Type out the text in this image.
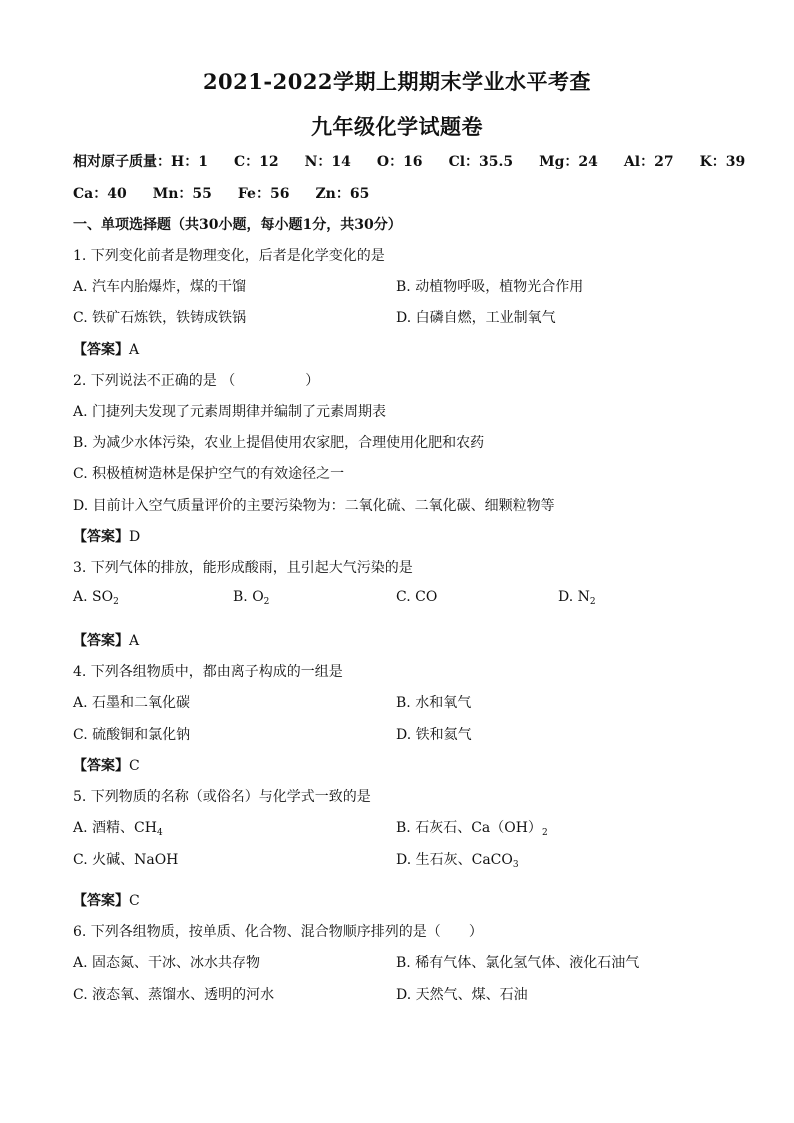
2021-2022学期上期期末学业水平考查
九年级化学试题卷
相对原子质量：H：1 C：12 N：14 O：16 Cl：35.5 Mg：24 Al：27 K：39
Ca：40 Mn：55 Fe：56 Zn：65
一、单项选择题（共30小题，每小题1分，共30分）
1. 下列变化前者是物理变化，后者是化学变化的是
A. 汽车内胎爆炸，煤的干馏	B. 动植物呼吸，植物光合作用
C. 铁矿石炼铁，铁铸成铁锅	D. 白磷自燃，工业制氧气
【答案】A
2. 下列说法不正确的是 （	）
A. 门捷列夫发现了元素周期律并编制了元素周期表
B. 为减少水体污染，农业上提倡使用农家肥，合理使用化肥和农药
C. 积极植树造林是保护空气的有效途径之一
D. 目前计入空气质量评价的主要污染物为：二氧化硫、二氧化碳、细颗粒物等
【答案】D
3. 下列气体的排放，能形成酸雨，且引起大气污染的是
A. $SO_2$	B. $O_2$	C. CO	D. $N_2$
【答案】A
4. 下列各组物质中，都由离子构成的一组是
A. 石墨和二氧化碳	B. 水和氧气
C. 硫酸铜和氯化钠	D. 铁和氦气
【答案】C
5. 下列物质的名称（或俗名）与化学式一致的是
A. 酒精、$CH_4$	B. 石灰石、$Ca(OH)_2$
C. 火碱、NaOH	D. 生石灰、CaCO$_3$
【答案】C
6. 下列各组物质，按单质、化合物、混合物顺序排列的是（ ）
A. 固态氮、干冰、冰水共存物	B. 稀有气体、氯化氢气体、液化石油气
C. 液态氧、蒸馏水、透明的河水	D. 天然气、煤、石油
